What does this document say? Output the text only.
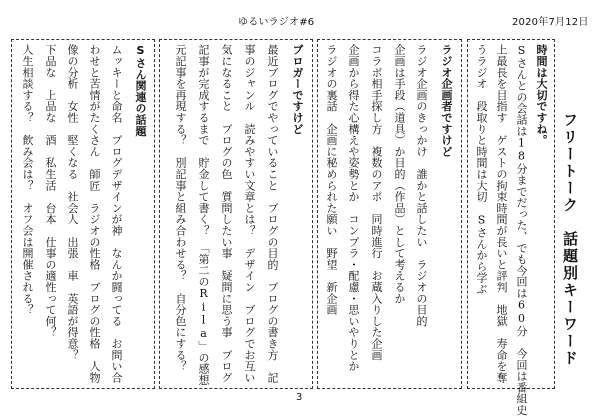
ゆるいラジオ#6	2020年7月12日
フリートーク　話題別キーワード
時間は大切ですね。
Sさんとの会話は18分までだった、でも今回は60分　今回は番組史
上最長を目指す　ゲストの拘束時間が長いと評判　地獄　寿命を奪
うラジオ　段取りと時間は大切　Sさんから学ぶ
ラジオ企画者ですけど
ラジオ企画のきっかけ　誰かと話したい　ラジオの目的
企画は手段（道具）か目的（作品）として考えるか
コラボ相手探し方　複数のアポ　同時進行　お蔵入りした企画
企画から得た心構えや姿勢とか　コンプラ・配慮・思いやりとか
ラジオの裏話　企画に秘められた願い　野望　新企画
ブロガーですけど
最近ブログでやっていること　ブログの目的　ブログの書き方　記
事のジャンル　読みやすい文章とは？　デザイン　ブログでお互い
気になること　ブログの色　質問したい事　疑問に思う事　ブログ
記事が完成するまで　貯金して書く？　「第二のRila」の感想
元記事を再現する？　別記事と組み合わせる？　自分色にする？
Sさん関連の話題
ムッキーと命名　ブログデザインが神　なんか闘ってる　お問い合
わせと苦情がたくさん　師匠　ラジオの性格　ブログの性格　人物
像の分析　女性　堅くなる　社会人　出張　車　英語が得意？
下品な　上品な　酒　私生活　台本　仕事の適性って何？
人生相談する？　飲み会は？　オフ会は開催される？
3
